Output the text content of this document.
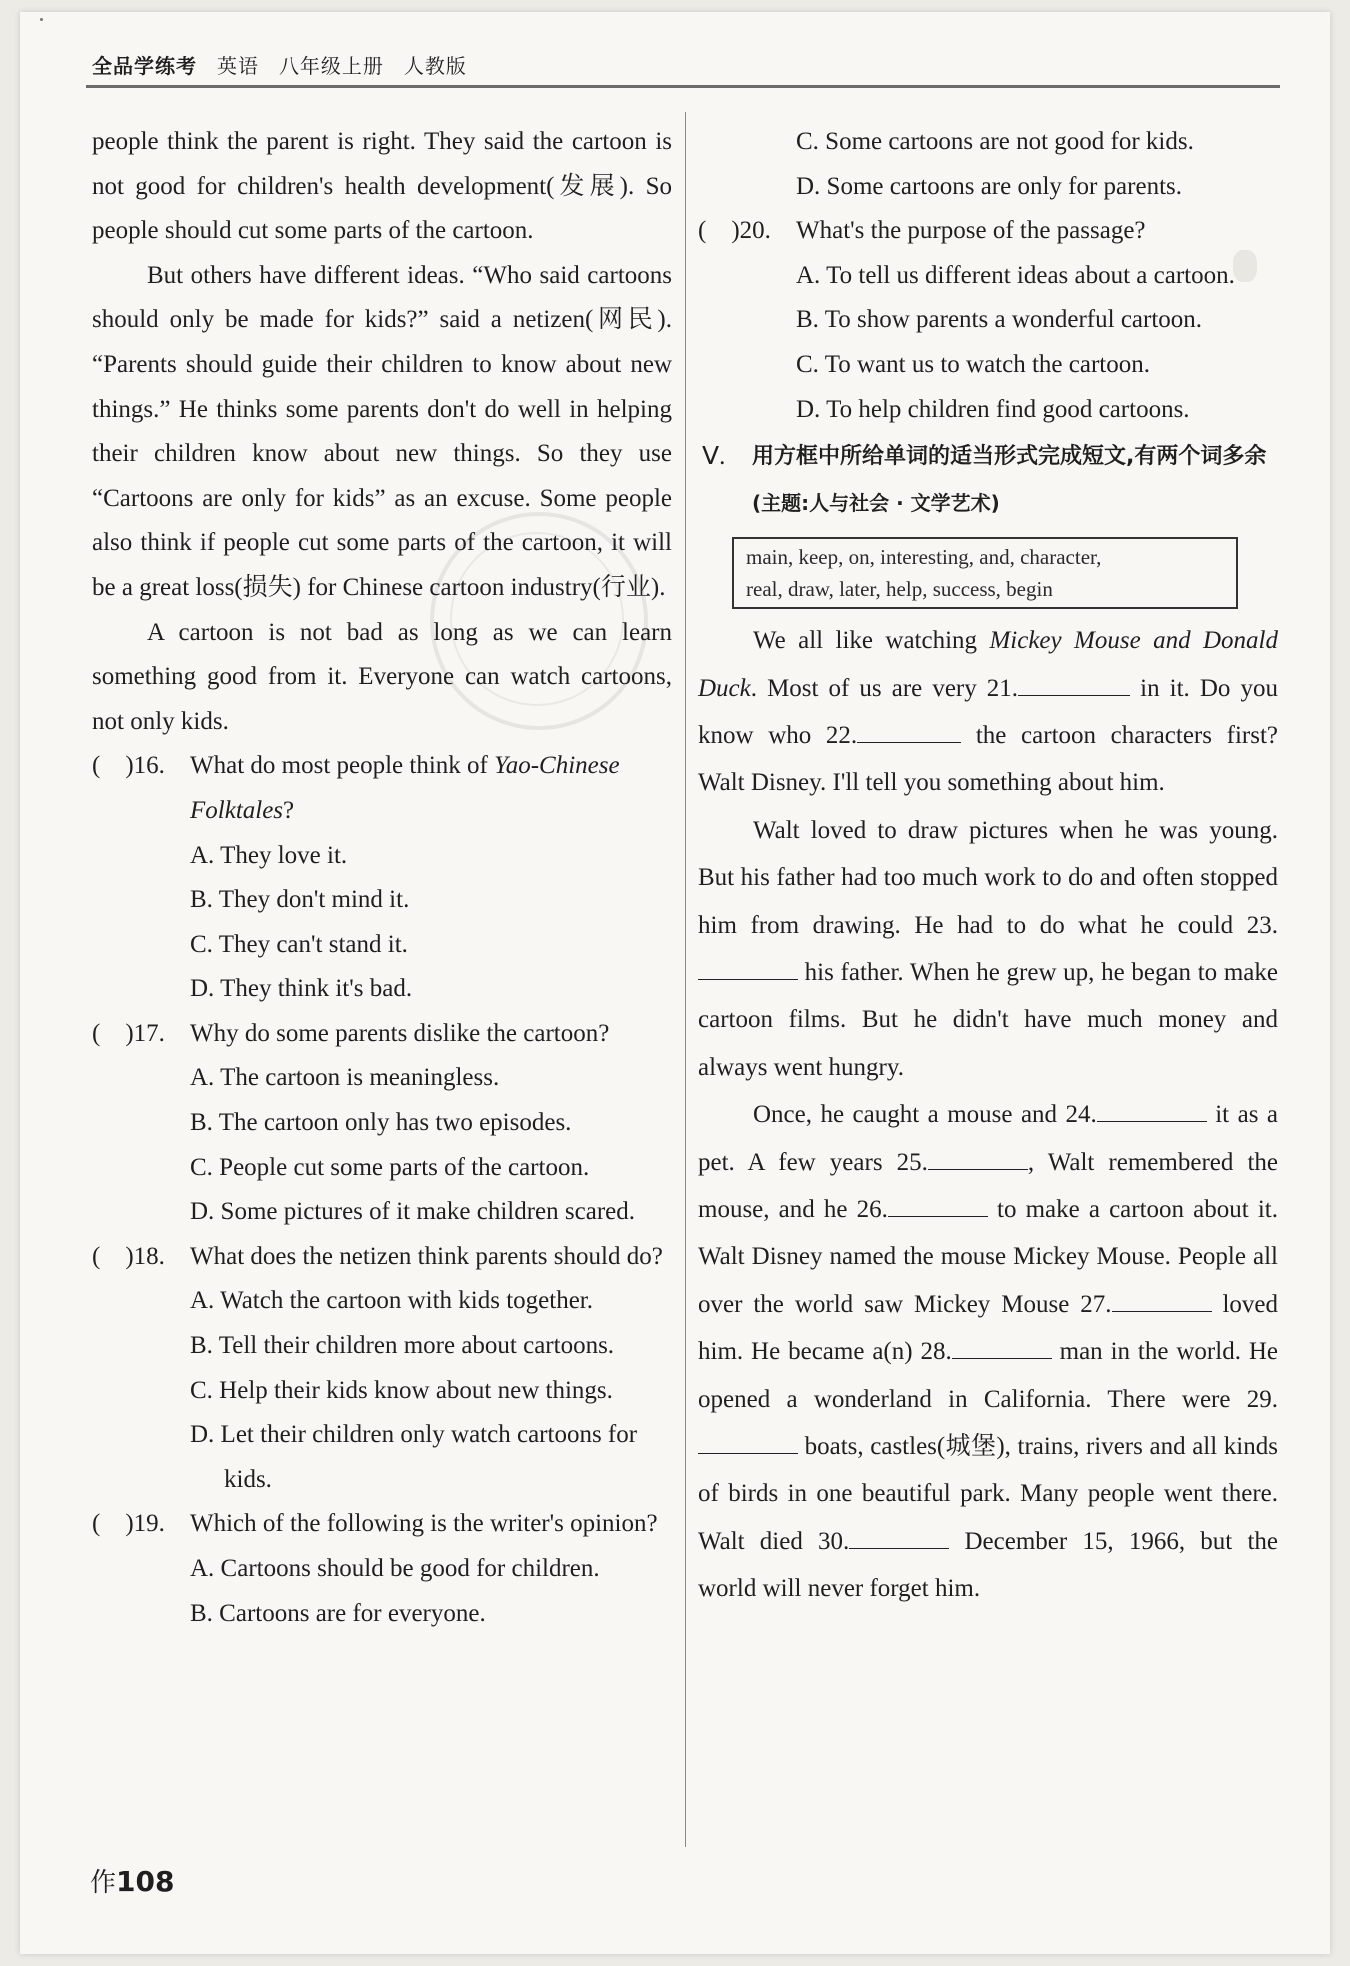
全品学练考 英语 八年级上册 人教版

people think the parent is right. They said the cartoon is not good for children's health development(发展). So people should cut some parts of the cartoon.

But others have different ideas. “Who said cartoons should only be made for kids?” said a netizen(网民). “Parents should guide their children to know about new things.” He thinks some parents don't do well in helping their children know about new things. So they use “Cartoons are only for kids” as an excuse. Some people also think if people cut some parts of the cartoon, it will be a great loss(损失) for Chinese cartoon industry(行业).

A cartoon is not bad as long as we can learn something good from it. Everyone can watch cartoons, not only kids.

(    )16.	What do most people think of Yao-Chinese Folktales?
A. They love it.
B. They don't mind it.
C. They can't stand it.
D. They think it's bad.
(    )17.	Why do some parents dislike the cartoon?
A. The cartoon is meaningless.
B. The cartoon only has two episodes.
C. People cut some parts of the cartoon.
D. Some pictures of it make children scared.
(    )18.	What does the netizen think parents should do?
A. Watch the cartoon with kids together.
B. Tell their children more about cartoons.
C. Help their kids know about new things.
D. Let their children only watch cartoons for kids.
(    )19.	Which of the following is the writer's opinion?
A. Cartoons should be good for children.
B. Cartoons are for everyone.
C. Some cartoons are not good for kids.
D. Some cartoons are only for parents.
(    )20.	What's the purpose of the passage?
A. To tell us different ideas about a cartoon.
B. To show parents a wonderful cartoon.
C. To want us to watch the cartoon.
D. To help children find good cartoons.
Ⅴ. 用方框中所给单词的适当形式完成短文,有两个词多余 (主题:人与社会 · 文学艺术)
main, keep, on, interesting, and, character,
real, draw, later, help, success, begin

We all like watching Mickey Mouse and Donald Duck. Most of us are very 21.	in it. Do you know who 22.	the cartoon characters first? Walt Disney. I'll tell you something about him.

Walt loved to draw pictures when he was young. But his father had too much work to do and often stopped him from drawing. He had to do what he could 23. his father. When he grew up, he began to make cartoon films. But he didn't have much money and always went hungry.

Once, he caught a mouse and 24.	it as a pet. A few years 25.	, Walt remembered the mouse, and he 26.	to make a cartoon about it. Walt Disney named the mouse Mickey Mouse. People all over the world saw Mickey Mouse 27.	loved him. He became a(n) 28.	man in the world. He opened a wonderland in California. There were 29. boats, castles(城堡), trains, rivers and all kinds of birds in one beautiful park. Many people went there. Walt died 30.	December 15, 1966, but the world will never forget him.

作108
